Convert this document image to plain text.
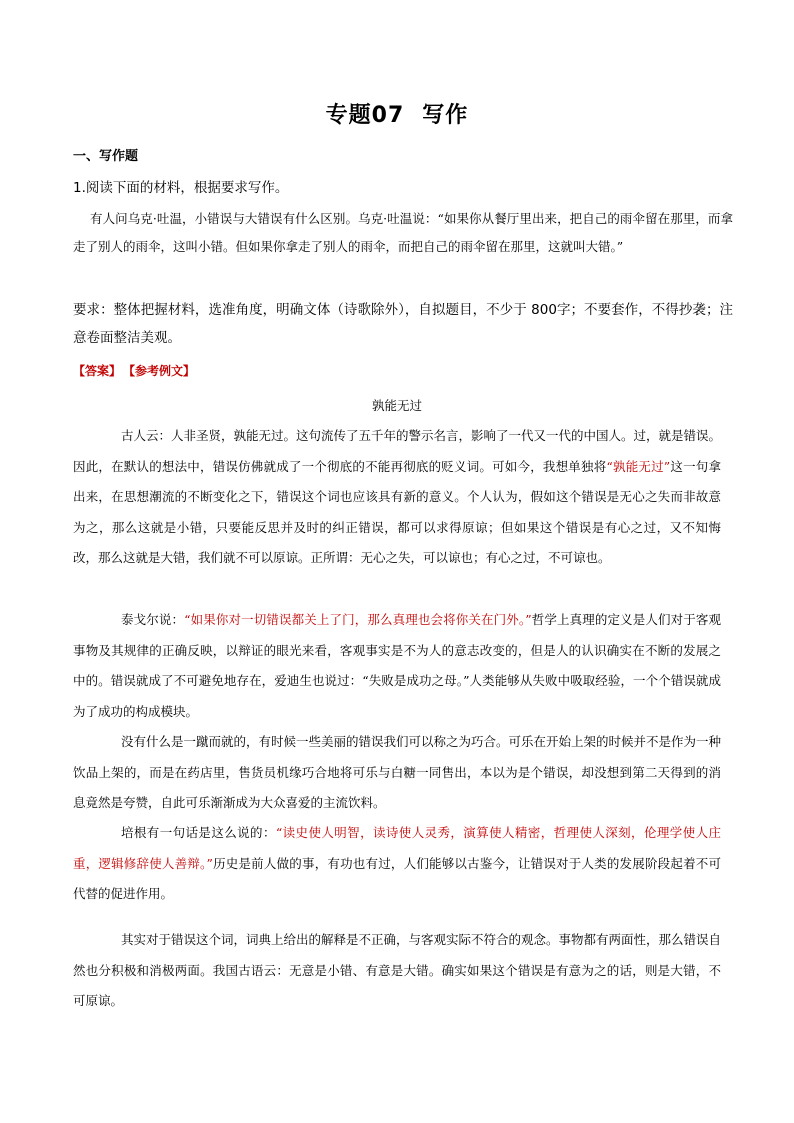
专题07 写作
一、写作题
1.阅读下面的材料，根据要求写作。

有人问乌克·吐温，小错误与大错误有什么区别。乌克·吐温说：“如果你从餐厅里出来，把自己的雨伞留在那里，而拿走了别人的雨伞，这叫小错。但如果你拿走了别人的雨伞，而把自己的雨伞留在那里，这就叫大错。”

要求：整体把握材料，选准角度，明确文体（诗歌除外），自拟题目，不少于 800字；不要套作，不得抄袭；注意卷面整洁美观。

【答案】 【参考例文】
孰能无过

古人云：人非圣贤，孰能无过。这句流传了五千年的警示名言，影响了一代又一代的中国人。过，就是错误。因此，在默认的想法中，错误仿佛就成了一个彻底的不能再彻底的贬义词。可如今，我想单独将“孰能无过”这一句拿出来，在思想潮流的不断变化之下，错误这个词也应该具有新的意义。个人认为，假如这个错误是无心之失而非故意为之，那么这就是小错，只要能反思并及时的纠正错误，都可以求得原谅；但如果这个错误是有心之过，又不知悔改，那么这就是大错，我们就不可以原谅。正所谓：无心之失，可以谅也；有心之过，不可谅也。

泰戈尔说：“如果你对一切错误都关上了门，那么真理也会将你关在门外。”哲学上真理的定义是人们对于客观事物及其规律的正确反映，以辩证的眼光来看，客观事实是不为人的意志改变的，但是人的认识确实在不断的发展之中的。错误就成了不可避免地存在，爱迪生也说过：“失败是成功之母。”人类能够从失败中吸取经验，一个个错误就成为了成功的构成模块。

没有什么是一蹴而就的，有时候一些美丽的错误我们可以称之为巧合。可乐在开始上架的时候并不是作为一种饮品上架的，而是在药店里，售货员机缘巧合地将可乐与白糖一同售出，本以为是个错误，却没想到第二天得到的消息竟然是夸赞，自此可乐渐渐成为大众喜爱的主流饮料。

培根有一句话是这么说的：“读史使人明智，读诗使人灵秀，演算使人精密，哲理使人深刻，伦理学使人庄重，逻辑修辞使人善辩。”历史是前人做的事，有功也有过，人们能够以古鉴今，让错误对于人类的发展阶段起着不可代替的促进作用。

其实对于错误这个词，词典上给出的解释是不正确，与客观实际不符合的观念。事物都有两面性，那么错误自然也分积极和消极两面。我国古语云：无意是小错、有意是大错。确实如果这个错误是有意为之的话，则是大错，不可原谅。
